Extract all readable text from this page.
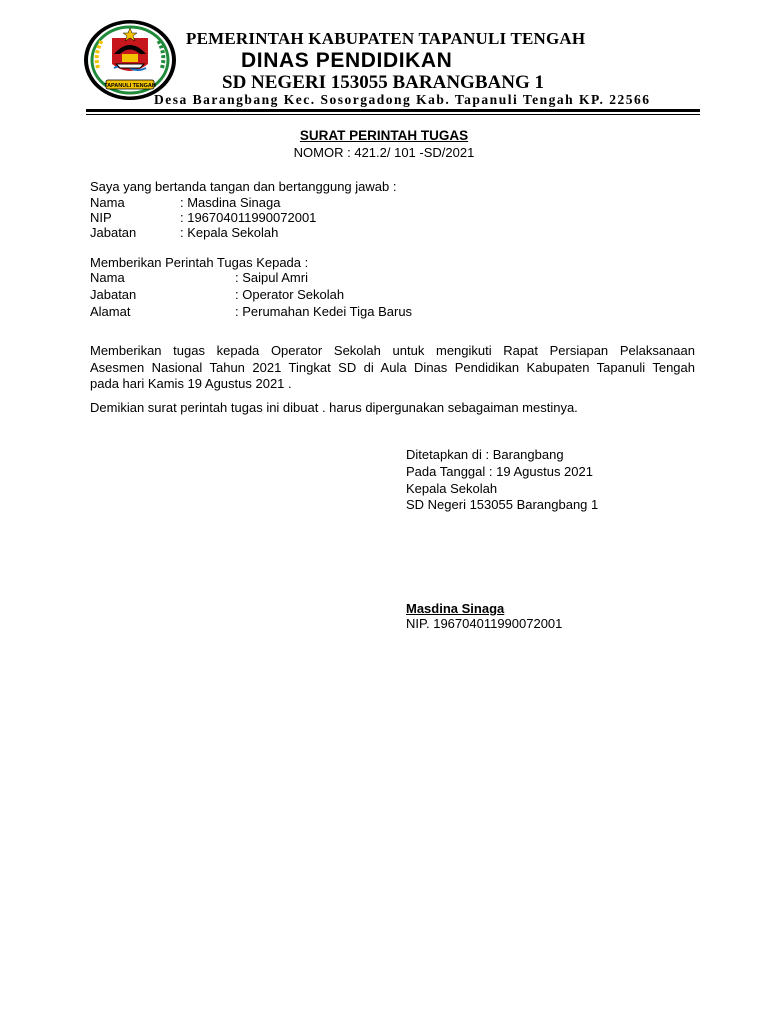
TAPANULI TENGAH
PEMERINTAH KABUPATEN TAPANULI TENGAH
DINAS PENDIDIKAN
SD NEGERI 153055 BARANGBANG 1
Desa Barangbang Kec. Sosorgadong Kab. Tapanuli Tengah KP. 22566
SURAT PERINTAH TUGAS
NOMOR : 421.2/ 101 -SD/2021
Saya yang bertanda tangan dan bertanggung jawab :
Nama	: Masdina Sinaga
NIP	: 196704011990072001
Jabatan	: Kepala Sekolah
Memberikan Perintah Tugas Kepada :
Nama	: Saipul Amri
Jabatan	: Operator Sekolah
Alamat	: Perumahan Kedei Tiga Barus
Memberikan tugas kepada Operator Sekolah untuk mengikuti Rapat Persiapan Pelaksanaan
Asesmen Nasional Tahun 2021 Tingkat SD di Aula Dinas Pendidikan Kabupaten Tapanuli Tengah
pada hari Kamis 19 Agustus 2021 .
Demikian surat perintah tugas ini dibuat . harus dipergunakan sebagaiman mestinya.
Ditetapkan di : Barangbang
Pada Tanggal : 19 Agustus 2021
Kepala Sekolah
SD Negeri 153055 Barangbang 1
Masdina Sinaga
NIP. 196704011990072001
